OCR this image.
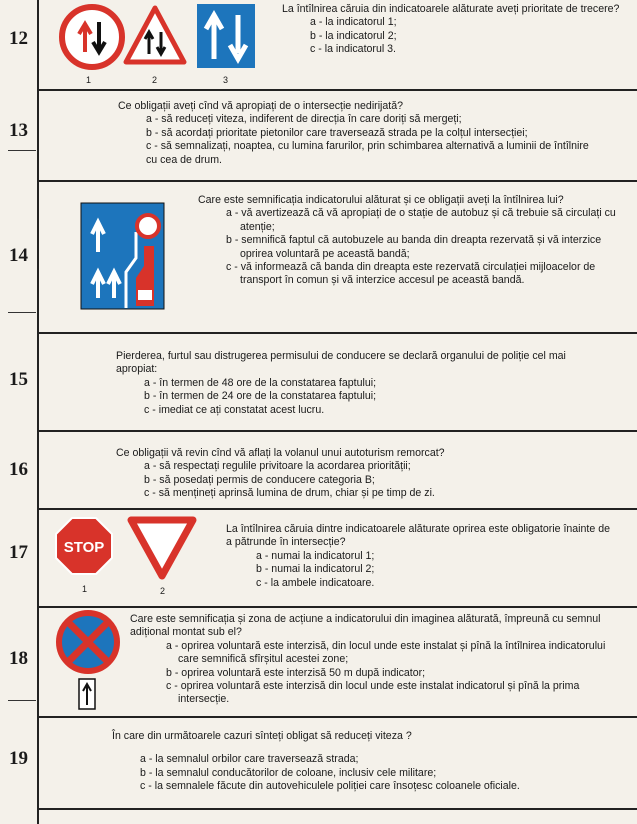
12
1	2	3

La întîlnirea căruia din indicatoarele alăturate aveți prioritate de trecere?

a - la indicatorul 1;

b - la indicatorul 2;

c - la indicatorul 3.

13

Ce obligații aveți cînd vă apropiați de o intersecție nedirijată?

a - să reduceți viteza, indiferent de direcția în care doriți să mergeți;

b - să acordați prioritate pietonilor care traversează strada pe la colțul intersecției;

c - să semnalizați, noaptea, cu lumina farurilor, prin schimbarea alternativă a luminii de întîlnire cu cea de drum.

14

Care este semnificația indicatorului alăturat și ce obligații aveți la întîlnirea lui?

a - vă avertizează că vă apropiați de o stație de autobuz și că trebuie să circulați cu atenție;

b - semnifică faptul că autobuzele au banda din dreapta rezervată și vă interzice oprirea voluntară pe această bandă;

c - vă informează că banda din dreapta este rezervată circulației mijloacelor de transport în comun și vă interzice accesul pe această bandă.

15

Pierderea, furtul sau distrugerea permisului de conducere se declară organului de poliție cel mai apropiat:

a - în termen de 48 ore de la constatarea faptului;

b - în termen de 24 ore de la constatarea faptului;

c - imediat ce ați constatat acest lucru.

16

Ce obligații vă revin cînd vă aflați la volanul unui autoturism remorcat?

a - să respectați regulile privitoare la acordarea priorității;

b - să posedați permis de conducere categoria B;

c - să mențineți aprinsă lumina de drum, chiar și pe timp de zi.

17	STOP
1	2

La întîlnirea căruia dintre indicatoarele alăturate oprirea este obligatorie înainte de a pătrunde în intersecție?

a - numai la indicatorul 1;

b - numai la indicatorul 2;

c - la ambele indicatoare.

18

Care este semnificația și zona de acțiune a indicatorului din imaginea alăturată, împreună cu semnul adițional montat sub el?

a - oprirea voluntară este interzisă, din locul unde este instalat și pînă la întîlnirea indicatorului care semnifică sfîrșitul acestei zone;

b - oprirea voluntară este interzisă 50 m după indicator;

c - oprirea voluntară este interzisă din locul unde este instalat indicatorul și pînă la prima intersecție.

19

În care din următoarele cazuri sînteți obligat să reduceți viteza ?

a - la semnalul orbilor care traversează strada;

b - la semnalul conducătorilor de coloane, inclusiv cele militare;

c - la semnalele făcute din autovehiculele poliției care însoțesc coloanele oficiale.
